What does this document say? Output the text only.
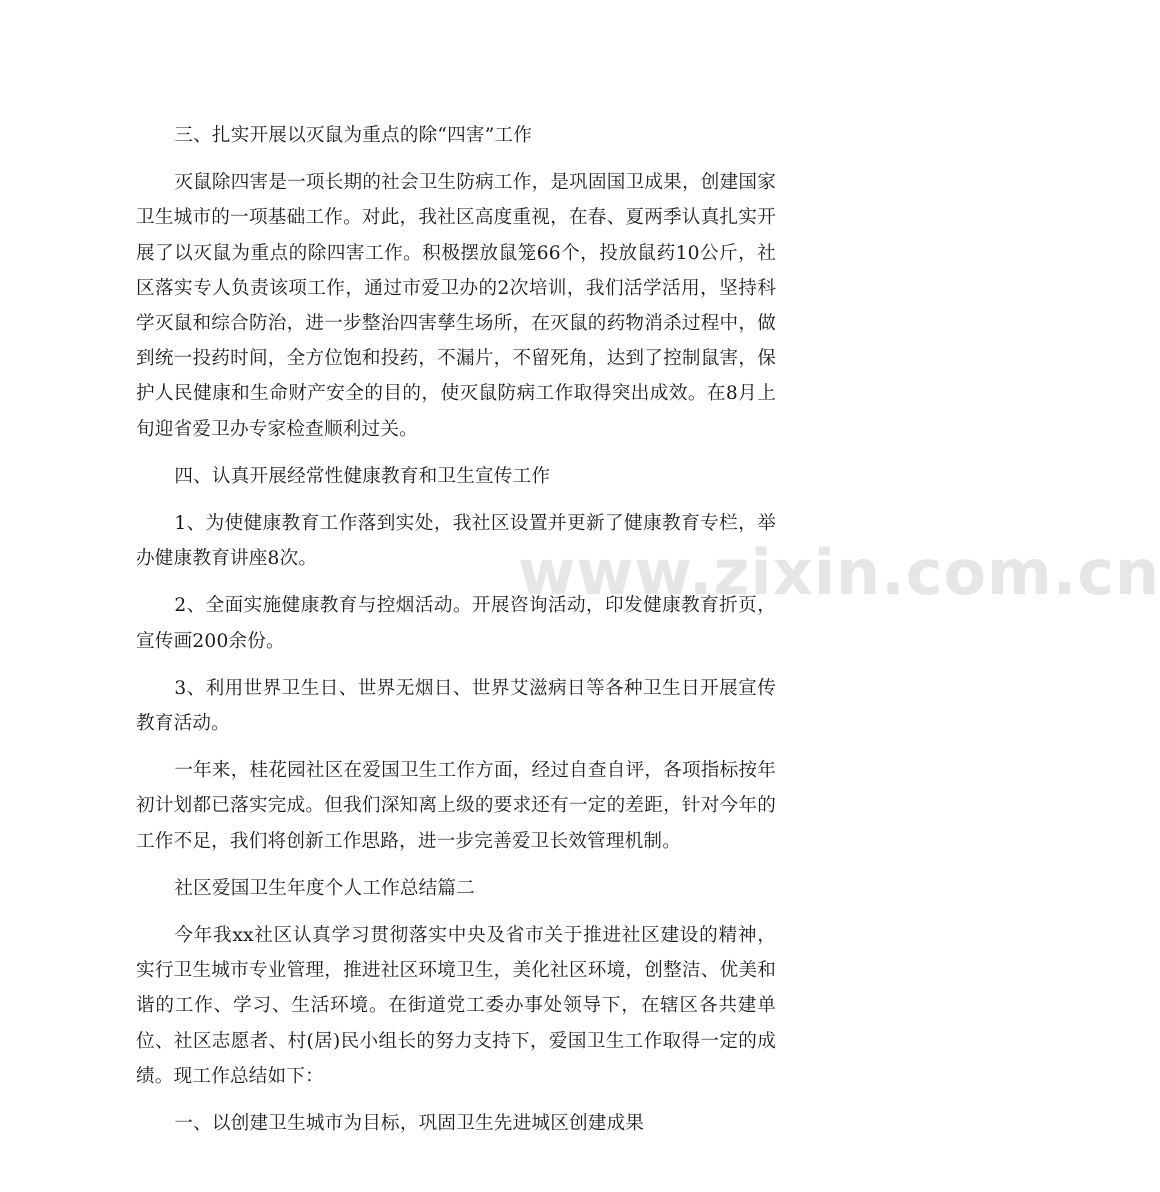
www.zixin.com.cn

三、扎实开展以灭鼠为重点的除“四害”工作

灭鼠除四害是一项长期的社会卫生防病工作，是巩固国卫成果，创建国家卫生城市的一项基础工作。对此，我社区高度重视，在春、夏两季认真扎实开展了以灭鼠为重点的除四害工作。积极摆放鼠笼66个，投放鼠药10公斤，社区落实专人负责该项工作，通过市爱卫办的2次培训，我们活学活用，坚持科学灭鼠和综合防治，进一步整治四害孳生场所，在灭鼠的药物消杀过程中，做到统一投药时间，全方位饱和投药，不漏片，不留死角，达到了控制鼠害，保护人民健康和生命财产安全的目的，使灭鼠防病工作取得突出成效。在8月上旬迎省爱卫办专家检查顺利过关。

四、认真开展经常性健康教育和卫生宣传工作

1、为使健康教育工作落到实处，我社区设置并更新了健康教育专栏，举办健康教育讲座8次。

2、全面实施健康教育与控烟活动。开展咨询活动，印发健康教育折页，宣传画200余份。

3、利用世界卫生日、世界无烟日、世界艾滋病日等各种卫生日开展宣传教育活动。

一年来，桂花园社区在爱国卫生工作方面，经过自查自评，各项指标按年初计划都已落实完成。但我们深知离上级的要求还有一定的差距，针对今年的工作不足，我们将创新工作思路，进一步完善爱卫长效管理机制。

社区爱国卫生年度个人工作总结篇二

今年我xx社区认真学习贯彻落实中央及省市关于推进社区建设的精神，实行卫生城市专业管理，推进社区环境卫生，美化社区环境，创整洁、优美和谐的工作、学习、生活环境。在街道党工委办事处领导下，在辖区各共建单位、社区志愿者、村(居)民小组长的努力支持下，爱国卫生工作取得一定的成绩。现工作总结如下：

一、以创建卫生城市为目标，巩固卫生先进城区创建成果
